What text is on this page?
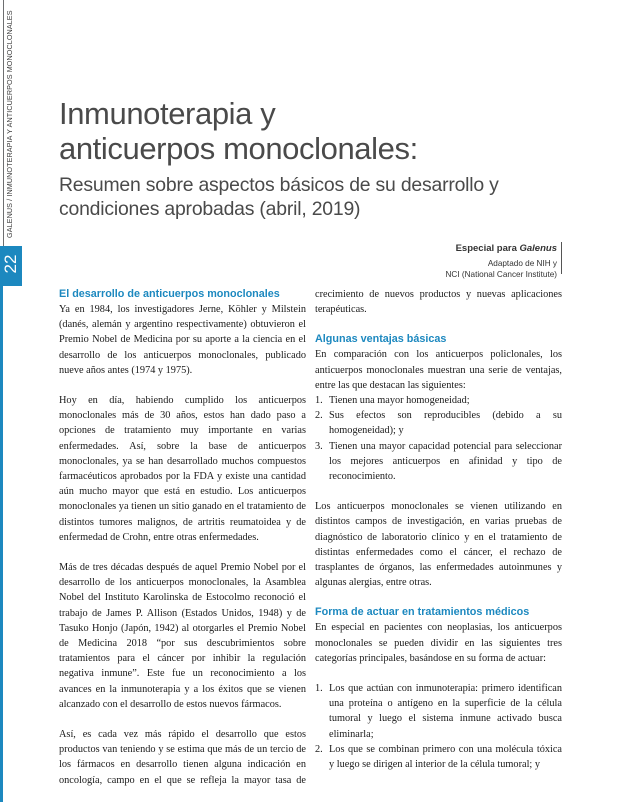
GALENUS / INMUNOTERAPIA Y ANTICUERPOS MONOCLONALES
22
Inmunoterapia y
anticuerpos monoclonales:

Resumen sobre aspectos básicos de su desarrollo y condiciones aprobadas (abril, 2019)

Especial para Galenus
Adaptado de NIH y
NCI (National Cancer Institute)
El desarrollo de anticuerpos monoclonales

Ya en 1984, los investigadores Jerne, Köhler y Milstein (danés, alemán y argentino respectivamente) obtuvieron el Premio Nobel de Medicina por su aporte a la ciencia en el desarrollo de los anticuerpos monoclonales, publicado nueve años antes (1974 y 1975).

Hoy en día, habiendo cumplido los anticuerpos monoclonales más de 30 años, estos han dado paso a opciones de tratamiento muy importante en varias enfermedades. Así, sobre la base de anticuerpos monoclonales, ya se han desarrollado muchos compuestos farmacéuticos aprobados por la FDA y existe una cantidad aún mucho mayor que está en estudio. Los anticuerpos monoclonales ya tienen un sitio ganado en el tratamiento de distintos tumores malignos, de artritis reumatoidea y de enfermedad de Crohn, entre otras enfermedades.

Más de tres décadas después de aquel Premio Nobel por el desarrollo de los anticuerpos monoclonales, la Asamblea Nobel del Instituto Karolinska de Estocolmo reconoció el trabajo de James P. Allison (Estados Unidos, 1948) y de Tasuko Honjo (Japón, 1942) al otorgarles el Premio Nobel de Medicina 2018 “por sus descubrimientos sobre tratamientos para el cáncer por inhibir la regulación negativa inmune”. Este fue un reconocimiento a los avances en la inmunoterapia y a los éxitos que se vienen alcanzado con el desarrollo de estos nuevos fármacos.

Así, es cada vez más rápido el desarrollo que estos productos van teniendo y se estima que más de un tercio de los fármacos en desarrollo tienen alguna indicación en oncología, campo en el que se refleja la mayor tasa de

crecimiento de nuevos productos y nuevas aplicaciones terapéuticas.
Algunas ventajas básicas

En comparación con los anticuerpos policlonales, los anticuerpos monoclonales muestran una serie de ventajas, entre las que destacan las siguientes:

1. Tienen una mayor homogeneidad;
2. Sus efectos son reproducibles (debido a su homogeneidad); y
3. Tienen una mayor capacidad potencial para seleccionar los mejores anticuerpos en afinidad y tipo de reconocimiento.

Los anticuerpos monoclonales se vienen utilizando en distintos campos de investigación, en varias pruebas de diagnóstico de laboratorio clínico y en el tratamiento de distintas enfermedades como el cáncer, el rechazo de trasplantes de órganos, las enfermedades autoinmunes y algunas alergias, entre otras.

Forma de actuar en tratamientos médicos

En especial en pacientes con neoplasias, los anticuerpos monoclonales se pueden dividir en las siguientes tres categorías principales, basándose en su forma de actuar:

1. Los que actúan con inmunoterapia: primero identifican una proteína o antígeno en la superficie de la célula tumoral y luego el sistema inmune activado busca eliminarla;
2. Los que se combinan primero con una molécula tóxica y luego se dirigen al interior de la célula tumoral; y
